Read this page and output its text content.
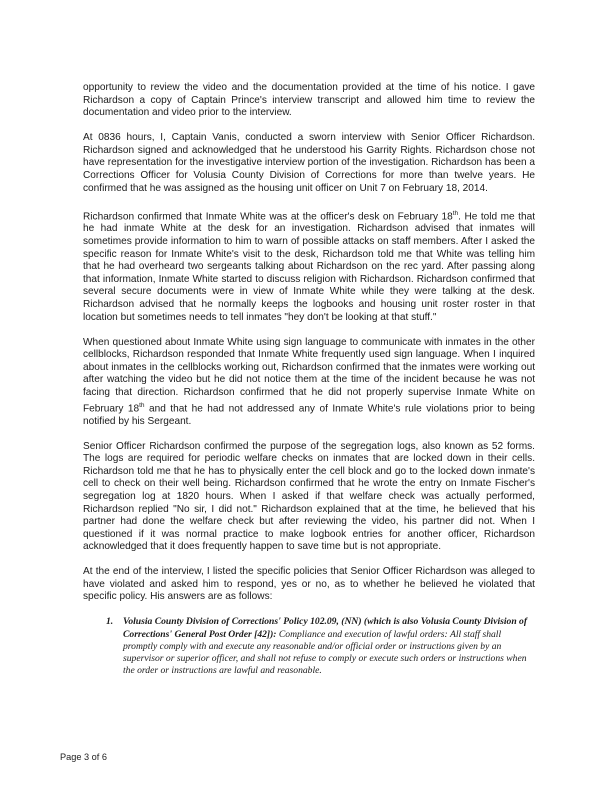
opportunity to review the video and the documentation provided at the time of his notice. I gave Richardson a copy of Captain Prince's interview transcript and allowed him time to review the documentation and video prior to the interview.

At 0836 hours, I, Captain Vanis, conducted a sworn interview with Senior Officer Richardson. Richardson signed and acknowledged that he understood his Garrity Rights. Richardson chose not have representation for the investigative interview portion of the investigation. Richardson has been a Corrections Officer for Volusia County Division of Corrections for more than twelve years. He confirmed that he was assigned as the housing unit officer on Unit 7 on February 18, 2014.

Richardson confirmed that Inmate White was at the officer's desk on February 18th. He told me that he had inmate White at the desk for an investigation. Richardson advised that inmates will sometimes provide information to him to warn of possible attacks on staff members. After I asked the specific reason for Inmate White's visit to the desk, Richardson told me that White was telling him that he had overheard two sergeants talking about Richardson on the rec yard. After passing along that information, Inmate White started to discuss religion with Richardson. Richardson confirmed that several secure documents were in view of Inmate White while they were talking at the desk. Richardson advised that he normally keeps the logbooks and housing unit roster roster in that location but sometimes needs to tell inmates "hey don't be looking at that stuff."

When questioned about Inmate White using sign language to communicate with inmates in the other cellblocks, Richardson responded that Inmate White frequently used sign language. When I inquired about inmates in the cellblocks working out, Richardson confirmed that the inmates were working out after watching the video but he did not notice them at the time of the incident because he was not facing that direction. Richardson confirmed that he did not properly supervise Inmate White on February 18th and that he had not addressed any of Inmate White's rule violations prior to being notified by his Sergeant.

Senior Officer Richardson confirmed the purpose of the segregation logs, also known as 52 forms. The logs are required for periodic welfare checks on inmates that are locked down in their cells. Richardson told me that he has to physically enter the cell block and go to the locked down inmate's cell to check on their well being. Richardson confirmed that he wrote the entry on Inmate Fischer's segregation log at 1820 hours. When I asked if that welfare check was actually performed, Richardson replied "No sir, I did not." Richardson explained that at the time, he believed that his partner had done the welfare check but after reviewing the video, his partner did not. When I questioned if it was normal practice to make logbook entries for another officer, Richardson acknowledged that it does frequently happen to save time but is not appropriate.

At the end of the interview, I listed the specific policies that Senior Officer Richardson was alleged to have violated and asked him to respond, yes or no, as to whether he believed he violated that specific policy. His answers are as follows:

1.	Volusia County Division of Corrections' Policy 102.09, (NN) (which is also Volusia County Division of Corrections' General Post Order [42]): Compliance and execution of lawful orders: All staff shall promptly comply with and execute any reasonable and/or official order or instructions given by an supervisor or superior officer, and shall not refuse to comply or execute such orders or instructions when the order or instructions are lawful and reasonable.
Page 3 of 6
